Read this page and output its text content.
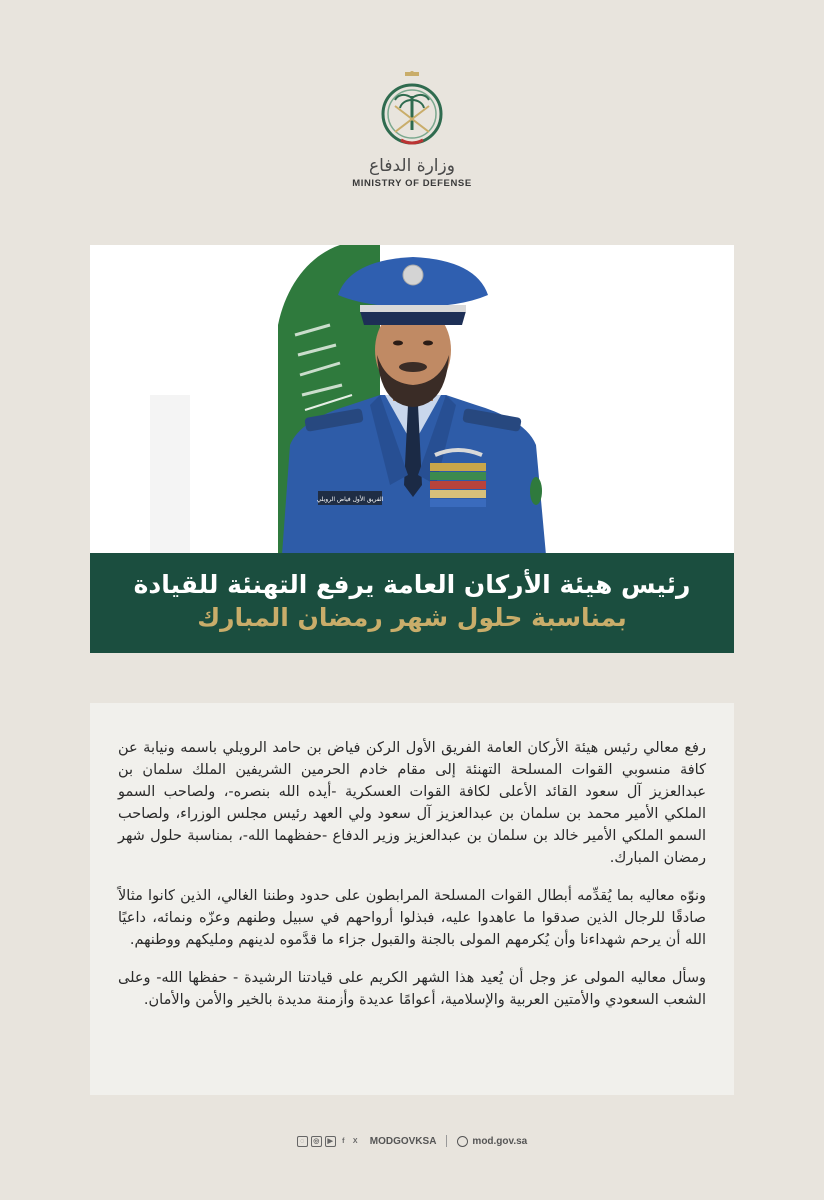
وزارة الدفاع
MINISTRY OF DEFENSE
الفريق الأول فياض الرويلي
رئيس هيئة الأركان العامة يرفع التهنئة للقيادة
بمناسبة حلول شهر رمضان المبارك

رفع معالي رئيس هيئة الأركان العامة الفريق الأول الركن فياض بن حامد الرويلي باسمه ونيابة عن كافة منسوبي القوات المسلحة التهنئة إلى مقام خادم الحرمين الشريفين الملك سلمان بن عبدالعزيز آل سعود القائد الأعلى لكافة القوات العسكرية -أيده الله بنصره-، ولصاحب السمو الملكي الأمير محمد بن سلمان بن عبدالعزيز آل سعود ولي العهد رئيس مجلس الوزراء، ولصاحب السمو الملكي الأمير خالد بن سلمان بن عبدالعزيز وزير الدفاع -حفظهما الله-، بمناسبة حلول شهر رمضان المبارك.

ونوّه معاليه بما يُقدِّمه أبطال القوات المسلحة المرابطون على حدود وطننا الغالي، الذين كانوا مثالاً صادقًا للرجال الذين صدقوا ما عاهدوا عليه، فبذلوا أرواحهم في سبيل وطنهم وعزّه ونمائه، داعيًا الله أن يرحم شهداءنا وأن يُكرمهم المولى بالجنة والقبول جزاء ما قدَّموه لدينهم ومليكهم ووطنهم.

وسأل معاليه المولى عز وجل أن يُعيد هذا الشهر الكريم على قيادتنا الرشيدة - حفظها الله- وعلى الشعب السعودي والأمتين العربية والإسلامية، أعوامًا عديدة وأزمنة مديدة بالخير والأمن والأمان.

◌	◎	▶	f	X MODGOVKSA	mod.gov.sa
